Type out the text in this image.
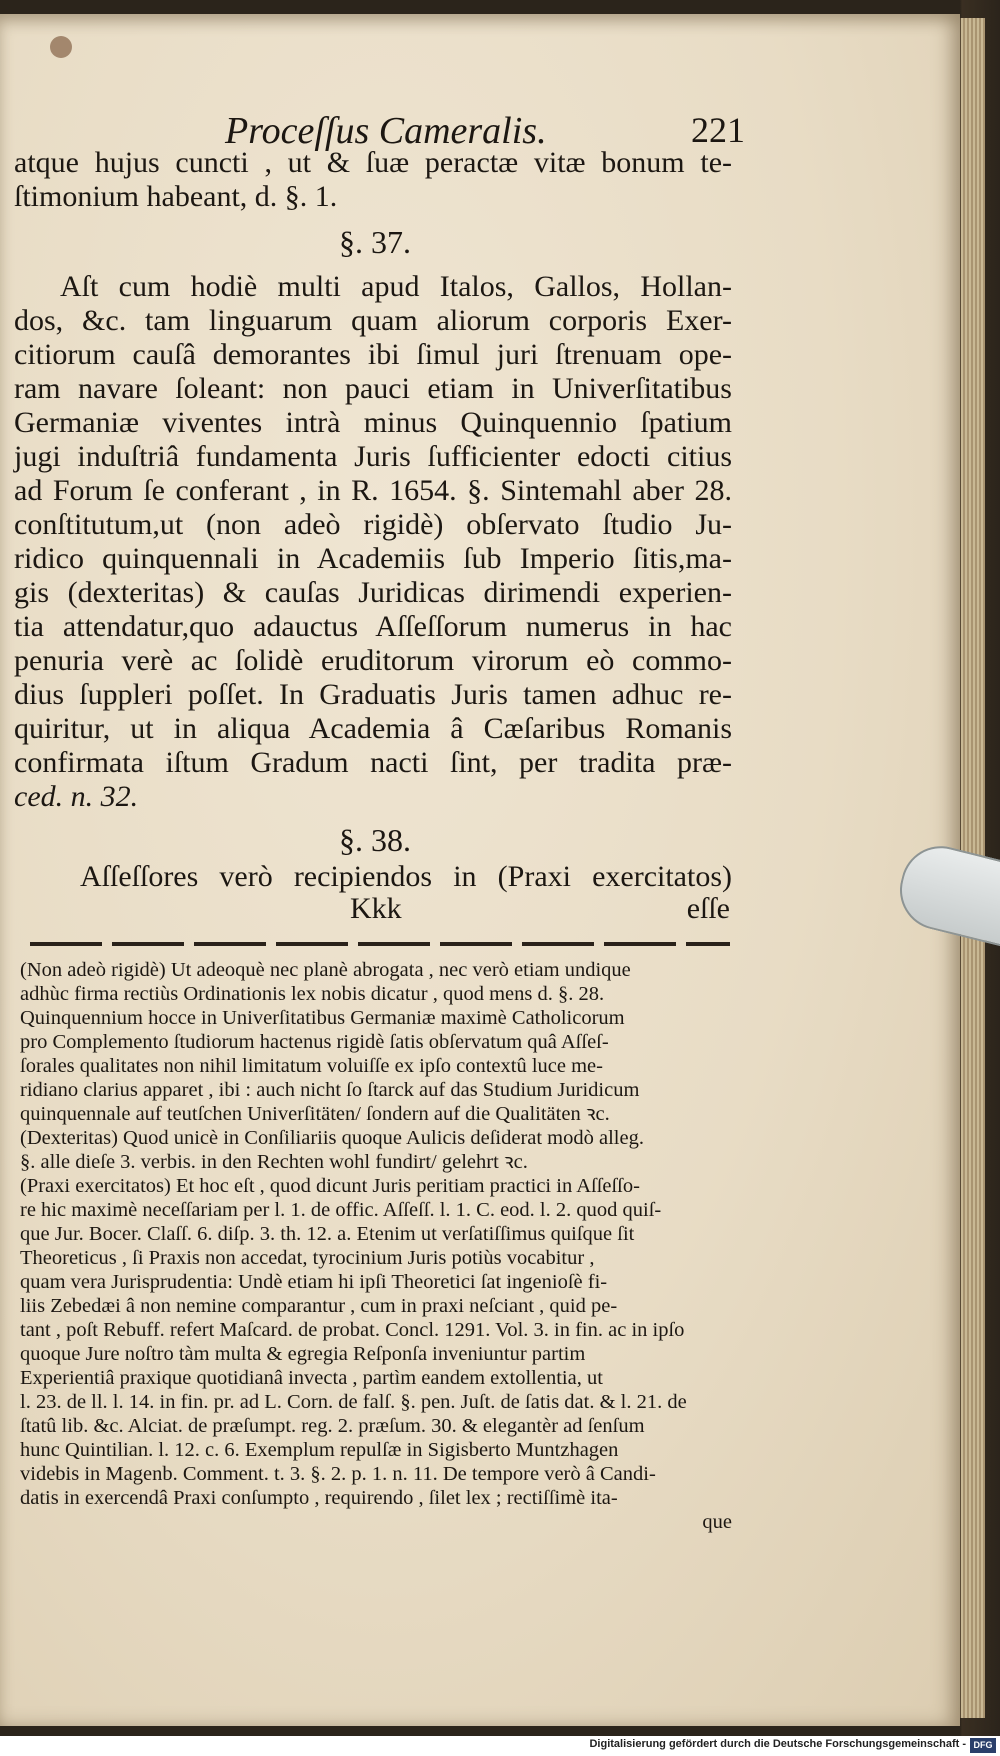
Proceſſus Cameralis.	221
atque hujus cuncti , ut & ſuæ peractæ vitæ bonum te-
ſtimonium habeant, d. §. 1.
§. 37.
Aſt cum hodiè multi apud Italos, Gallos, Hollan-
dos, &c. tam linguarum quam aliorum corporis Exer-
citiorum cauſâ demorantes ibi ſimul juri ſtrenuam ope-
ram navare ſoleant: non pauci etiam in Univerſitatibus
Germaniæ viventes intrà minus Quinquennio ſpatium
jugi induſtriâ fundamenta Juris ſufficienter edocti citius
ad Forum ſe conferant , in R. 1654. §. Sintemahl aber 28.
conſtitutum,ut (non adeò rigidè) obſervato ſtudio Ju-
ridico quinquennali in Academiis ſub Imperio ſitis,ma-
gis (dexteritas) & cauſas Juridicas dirimendi experien-
tia attendatur,quo adauctus Aſſeſſorum numerus in hac
penuria verè ac ſolidè eruditorum virorum eò commo-
dius ſuppleri poſſet. In Graduatis Juris tamen adhuc re-
quiritur, ut in aliqua Academia â Cæſaribus Romanis
confirmata iſtum Gradum nacti ſint, per tradita præ-
ced. n. 32.
§. 38.
Aſſeſſores verò recipiendos in (Praxi exercitatos)
Kkk	eſſe
(Non adeò rigidè) Ut adeoquè nec planè abrogata , nec verò etiam undique
adhùc firma rectiùs Ordinationis lex nobis dicatur , quod mens d. §. 28.
Quinquennium hocce in Univerſitatibus Germaniæ maximè Catholicorum
pro Complemento ſtudiorum hactenus rigidè ſatis obſervatum quâ Aſſeſ-
ſorales qualitates non nihil limitatum voluiſſe ex ipſo contextû luce me-
ridiano clarius apparet , ibi : auch nicht ſo ſtarck auf das Studium Juridicum
quinquennale auf teutſchen Univerſitäten/ ſondern auf die Qualitäten ꝛc.
(Dexteritas) Quod unicè in Conſiliariis quoque Aulicis deſiderat modò alleg.
§. alle dieſe 3. verbis. in den Rechten wohl fundirt/ gelehrt ꝛc.
(Praxi exercitatos) Et hoc eſt , quod dicunt Juris peritiam practici in Aſſeſſo-
re hic maximè neceſſariam per l. 1. de offic. Aſſeſſ. l. 1. C. eod. l. 2. quod quiſ-
que Jur. Bocer. Claſſ. 6. diſp. 3. th. 12. a. Etenim ut verſatiſſimus quiſque ſit
Theoreticus , ſi Praxis non accedat, tyrocinium Juris potiùs vocabitur ,
quam vera Jurisprudentia: Undè etiam hi ipſi Theoretici ſat ingenioſè fi-
liis Zebedæi â non nemine comparantur , cum in praxi neſciant , quid pe-
tant , poſt Rebuff. refert Maſcard. de probat. Concl. 1291. Vol. 3. in fin. ac in ipſo
quoque Jure noſtro tàm multa & egregia Reſponſa inveniuntur partim
Experientiâ praxique quotidianâ invecta , partìm eandem extollentia, ut
l. 23. de ll. l. 14. in fin. pr. ad L. Corn. de falſ. §. pen. Juſt. de ſatis dat. & l. 21. de
ſtatû lib. &c. Alciat. de præſumpt. reg. 2. præſum. 30. & elegantèr ad ſenſum
hunc Quintilian. l. 12. c. 6. Exemplum repulſæ in Sigisberto Muntzhagen
videbis in Magenb. Comment. t. 3. §. 2. p. 1. n. 11. De tempore verò â Candi-
datis in exercendâ Praxi conſumpto , requirendo , ſilet lex ; rectiſſimè ita-
que
Digitalisierung gefördert durch die Deutsche Forschungsgemeinschaft - DFG
